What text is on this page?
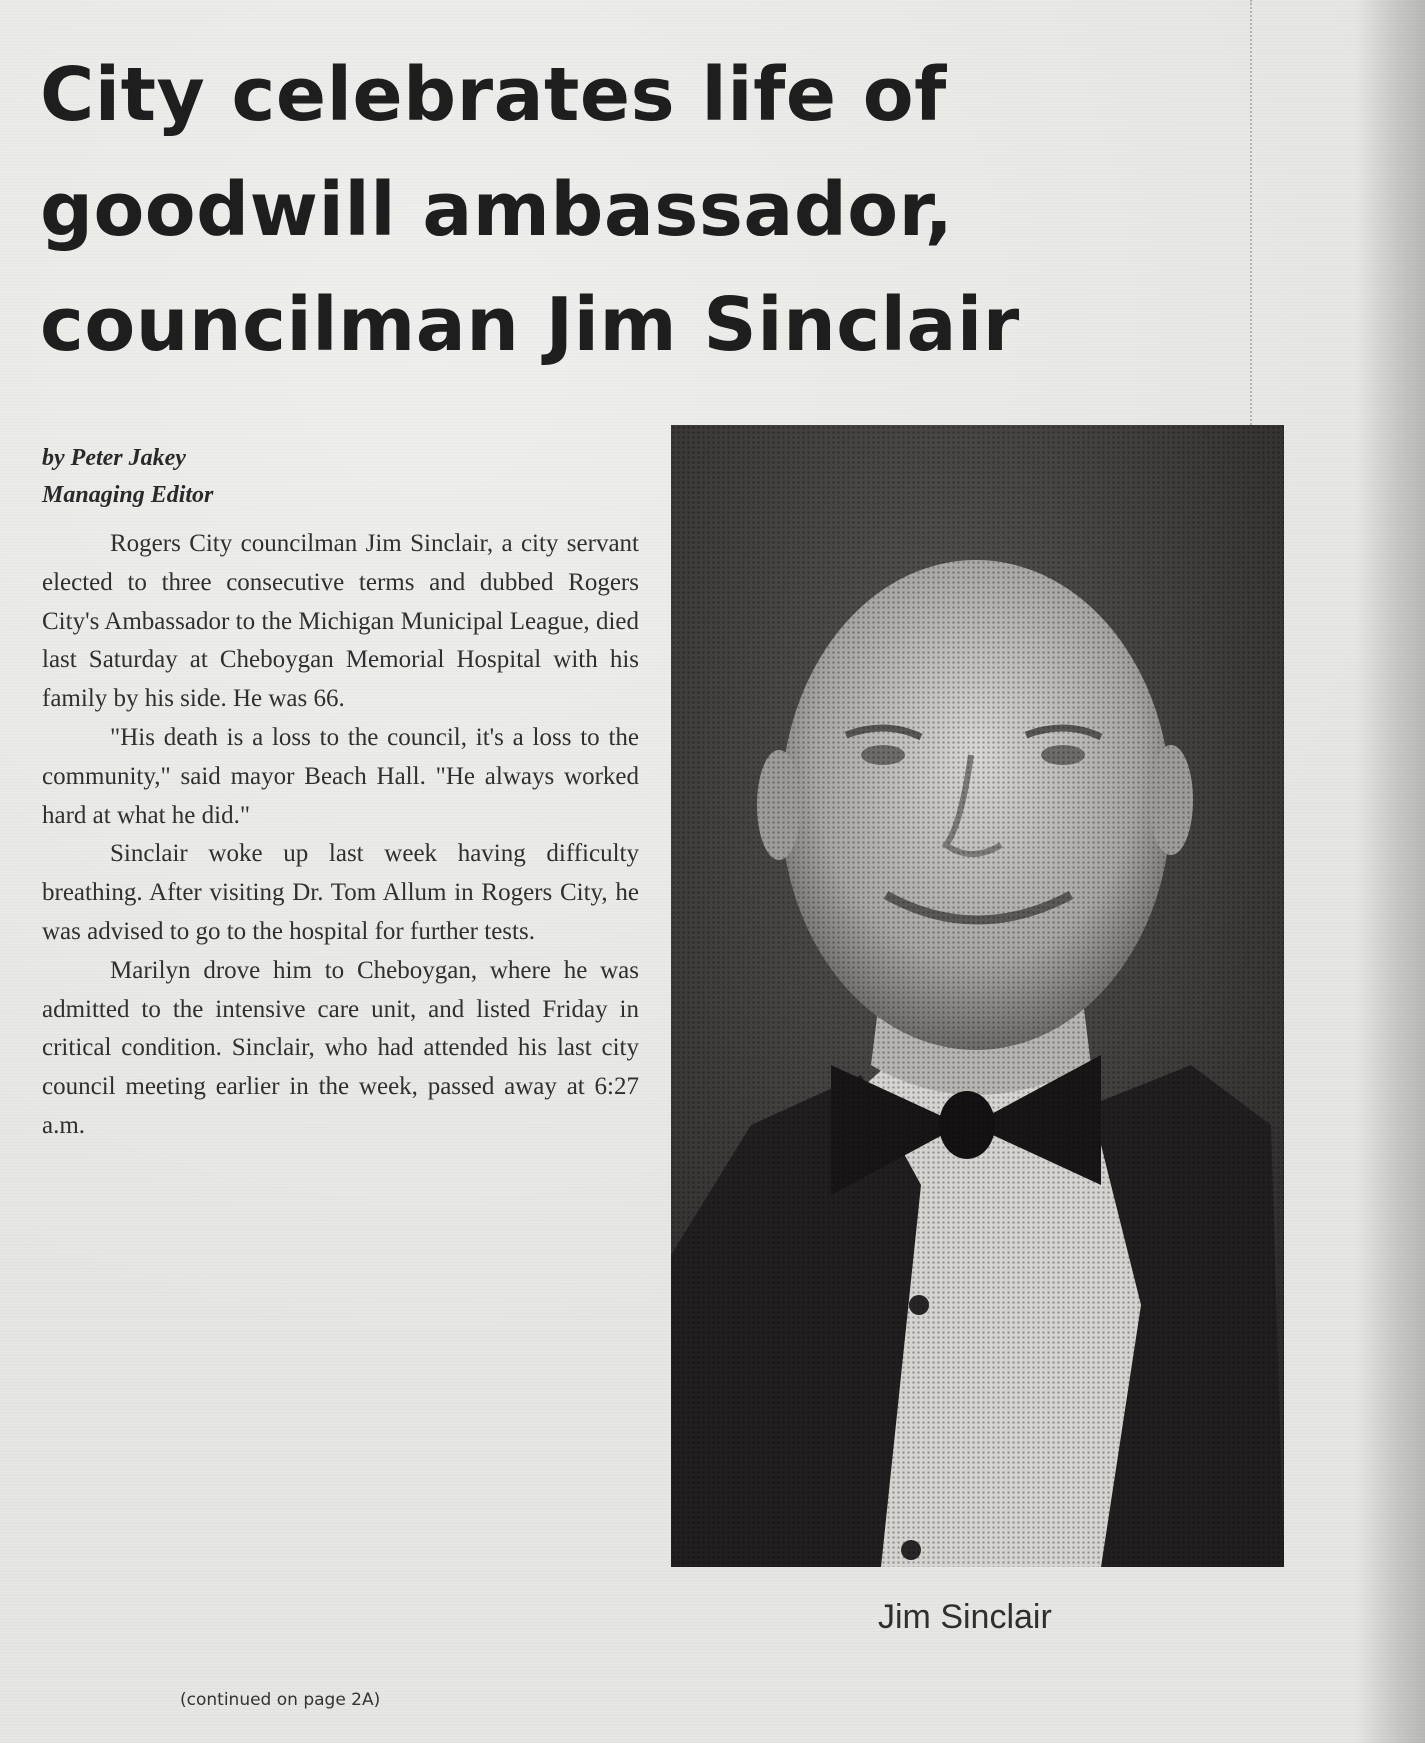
City celebrates life of
goodwill ambassador,
councilman Jim Sinclair
by Peter Jakey
Managing Editor

Rogers City councilman Jim Sinclair, a city servant elected to three consecutive terms and dubbed Rogers City's Ambassador to the Michigan Municipal League, died last Saturday at Cheboygan Memorial Hospital with his family by his side. He was 66.

"His death is a loss to the council, it's a loss to the community," said mayor Beach Hall. "He always worked hard at what he did."

Sinclair woke up last week having difficulty breathing. After visiting Dr. Tom Allum in Rogers City, he was advised to go to the hospital for further tests.

Marilyn drove him to Cheboygan, where he was admitted to the intensive care unit, and listed Friday in critical condition. Sinclair, who had attended his last city council meeting earlier in the week, passed away at 6:27 a.m.

(continued on page 2A)
Jim Sinclair
